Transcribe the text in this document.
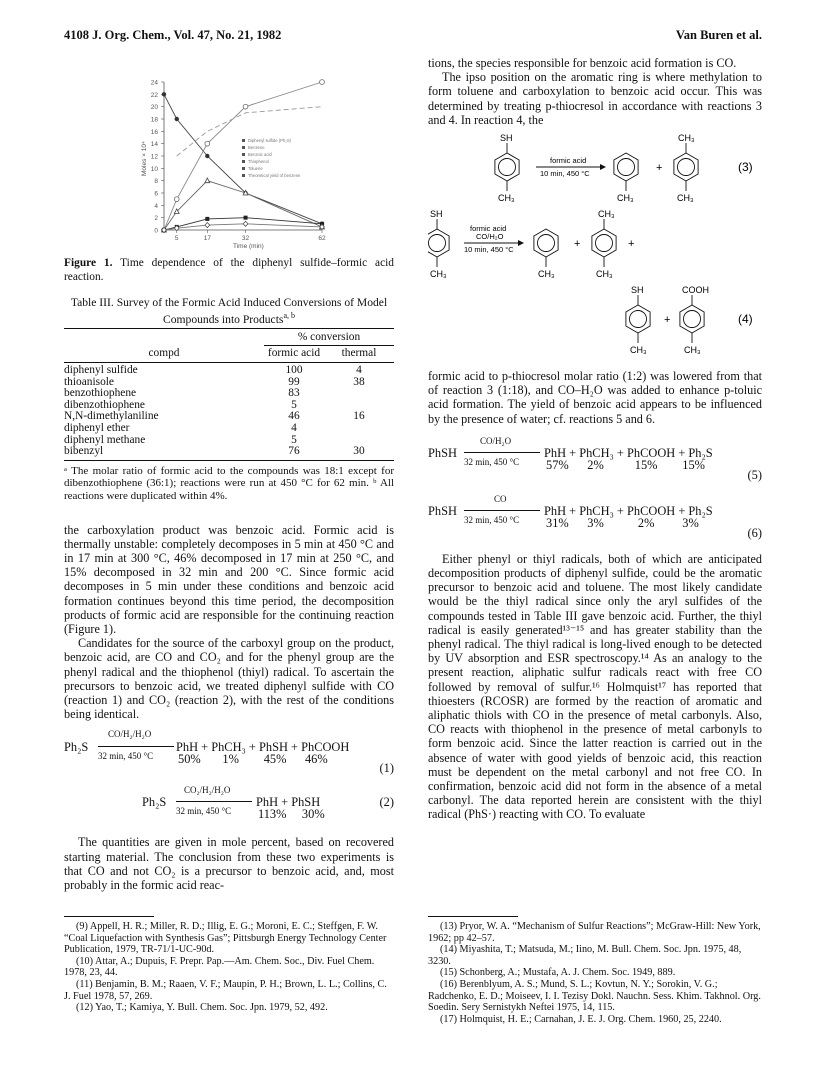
4108 J. Org. Chem., Vol. 47, No. 21, 1982	Van Buren et al.
0
2
4
6
8
10
12
14
16
18
20
22
24
5	17	32	62
Time (min)
Moles × 10⁴
Diphenyl sulfide (Ph₂S)
Benzene
Benzoic acid
Thiophenol
Toluene
Theoretical yield of benzene

Figure 1. Time dependence of the diphenyl sulfide–formic acid reaction.

Table III. Survey of the Formic Acid Induced Conversions of Model Compounds into Products$^{a, b}$

	% conversion	
compd	formic acid	thermal

diphenyl sulfide	100	4
thioanisole	99	38
benzothiophene	83	
dibenzothiophene	5	
N,N-dimethylaniline	46	16
diphenyl ether	4	
diphenyl methane	5	
bibenzyl	76	30

ᵃ The molar ratio of formic acid to the compounds was 18:1 except for dibenzothiophene (36:1); reactions were run at 450 °C for 62 min. ᵇ All reactions were duplicated within 4%.

the carboxylation product was benzoic acid. Formic acid is thermally unstable: completely decomposes in 5 min at 450 °C and in 17 min at 300 °C, 46% decomposed in 17 min at 250 °C, and 15% decomposed in 32 min and 200 °C. Since formic acid decomposes in 5 min under these conditions and benzoic acid formation continues beyond this time period, the decomposition products of formic acid are responsible for the continuing reaction (Figure 1).

Candidates for the source of the carboxyl group on the product, benzoic acid, are CO and CO₂ and for the phenyl group are the phenyl radical and the thiophenol (thiyl) radical. To ascertain the precursors to benzoic acid, we treated diphenyl sulfide with CO (reaction 1) and CO₂ (reaction 2), with the rest of the conditions being identical.

Ph₂S
CO/H₂/H₂O
32 min, 450 °C
PhH + PhCH₃ + PhSH + PhCOOH
50%       1%        45%      46%
(1)
Ph₂S
CO₂/H₂/H₂O
32 min, 450 °C
PhH + PhSH
113%     30%
(2)

The quantities are given in mole percent, based on recovered starting material. The conclusion from these two experiments is that CO and not CO₂ is a precursor to benzoic acid, and, most probably in the formic acid reac-

tions, the species responsible for benzoic acid formation is CO.

The ipso position on the aromatic ring is where methylation to form toluene and carboxylation to benzoic acid occur. This was determined by treating p-thiocresol in accordance with reactions 3 and 4. In reaction 4, the

SH
CH₃
formic acid
10 min, 450 °C	+
CH₃
CH₃
CH₃
(3)
SH
CH₃
formic acid
CO/H₂O
10 min, 450 °C
CH₃
+
CH₃
CH₃
+
SH
CH₃
+
COOH
CH₃
(4)

formic acid to p-thiocresol molar ratio (1:2) was lowered from that of reaction 3 (1:18), and CO–H₂O was added to enhance p-toluic acid formation. The yield of benzoic acid appears to be influenced by the presence of water; cf. reactions 5 and 6.

PhSH
CO/H₂O
32 min, 450 °C
PhH + PhCH₃ + PhCOOH + Ph₂S
57%      2%          15%        15%
(5)
PhSH
CO
32 min, 450 °C
PhH + PhCH₃ + PhCOOH + Ph₂S
31%      3%           2%         3%
(6)

Either phenyl or thiyl radicals, both of which are anticipated decomposition products of diphenyl sulfide, could be the aromatic precursor to benzoic acid and toluene. The most likely candidate would be the thiyl radical since only the aryl sulfides of the compounds tested in Table III gave benzoic acid. Further, the thiyl radical is easily generated¹³⁻¹⁵ and has greater stability than the phenyl radical. The thiyl radical is long-lived enough to be detected by UV absorption and ESR spectroscopy.¹⁴ As an analogy to the present reaction, aliphatic sulfur radicals react with free CO followed by removal of sulfur.¹⁶ Holmquist¹⁷ has reported that thioesters (RCOSR) are formed by the reaction of aromatic and aliphatic thiols with CO in the presence of metal carbonyls. Also, CO reacts with thiophenol in the presence of metal carbonyls to form benzoic acid. Since the latter reaction is carried out in the absence of water with good yields of benzoic acid, this reaction must be dependent on the metal carbonyl and not free CO. In confirmation, benzoic acid did not form in the absence of a metal carbonyl. The data reported herein are consistent with the thiyl radical (PhS·) reacting with CO. To evaluate

(9) Appell, H. R.; Miller, R. D.; Illig, E. G.; Moroni, E. C.; Steffgen, F. W. “Coal Liquefaction with Synthesis Gas”; Pittsburgh Energy Technology Center Publication, 1979, TR-71/1-UC-90d.

(10) Attar, A.; Dupuis, F. Prepr. Pap.—Am. Chem. Soc., Div. Fuel Chem. 1978, 23, 44.

(11) Benjamin, B. M.; Raaen, V. F.; Maupin, P. H.; Brown, L. L.; Collins, C. J. Fuel 1978, 57, 269.

(12) Yao, T.; Kamiya, Y. Bull. Chem. Soc. Jpn. 1979, 52, 492.

(13) Pryor, W. A. “Mechanism of Sulfur Reactions”; McGraw-Hill: New York, 1962; pp 42–57.

(14) Miyashita, T.; Matsuda, M.; Iino, M. Bull. Chem. Soc. Jpn. 1975, 48, 3230.

(15) Schonberg, A.; Mustafa, A. J. Chem. Soc. 1949, 889.

(16) Berenblyum, A. S.; Mund, S. L.; Kovtun, N. Y.; Sorokin, V. G.; Radchenko, E. D.; Moiseev, I. I. Tezisy Dokl. Nauchn. Sess. Khim. Takhnol. Org. Soedin. Sery Sernistykh Neftei 1975, 14, 115.

(17) Holmquist, H. E.; Carnahan, J. E. J. Org. Chem. 1960, 25, 2240.
